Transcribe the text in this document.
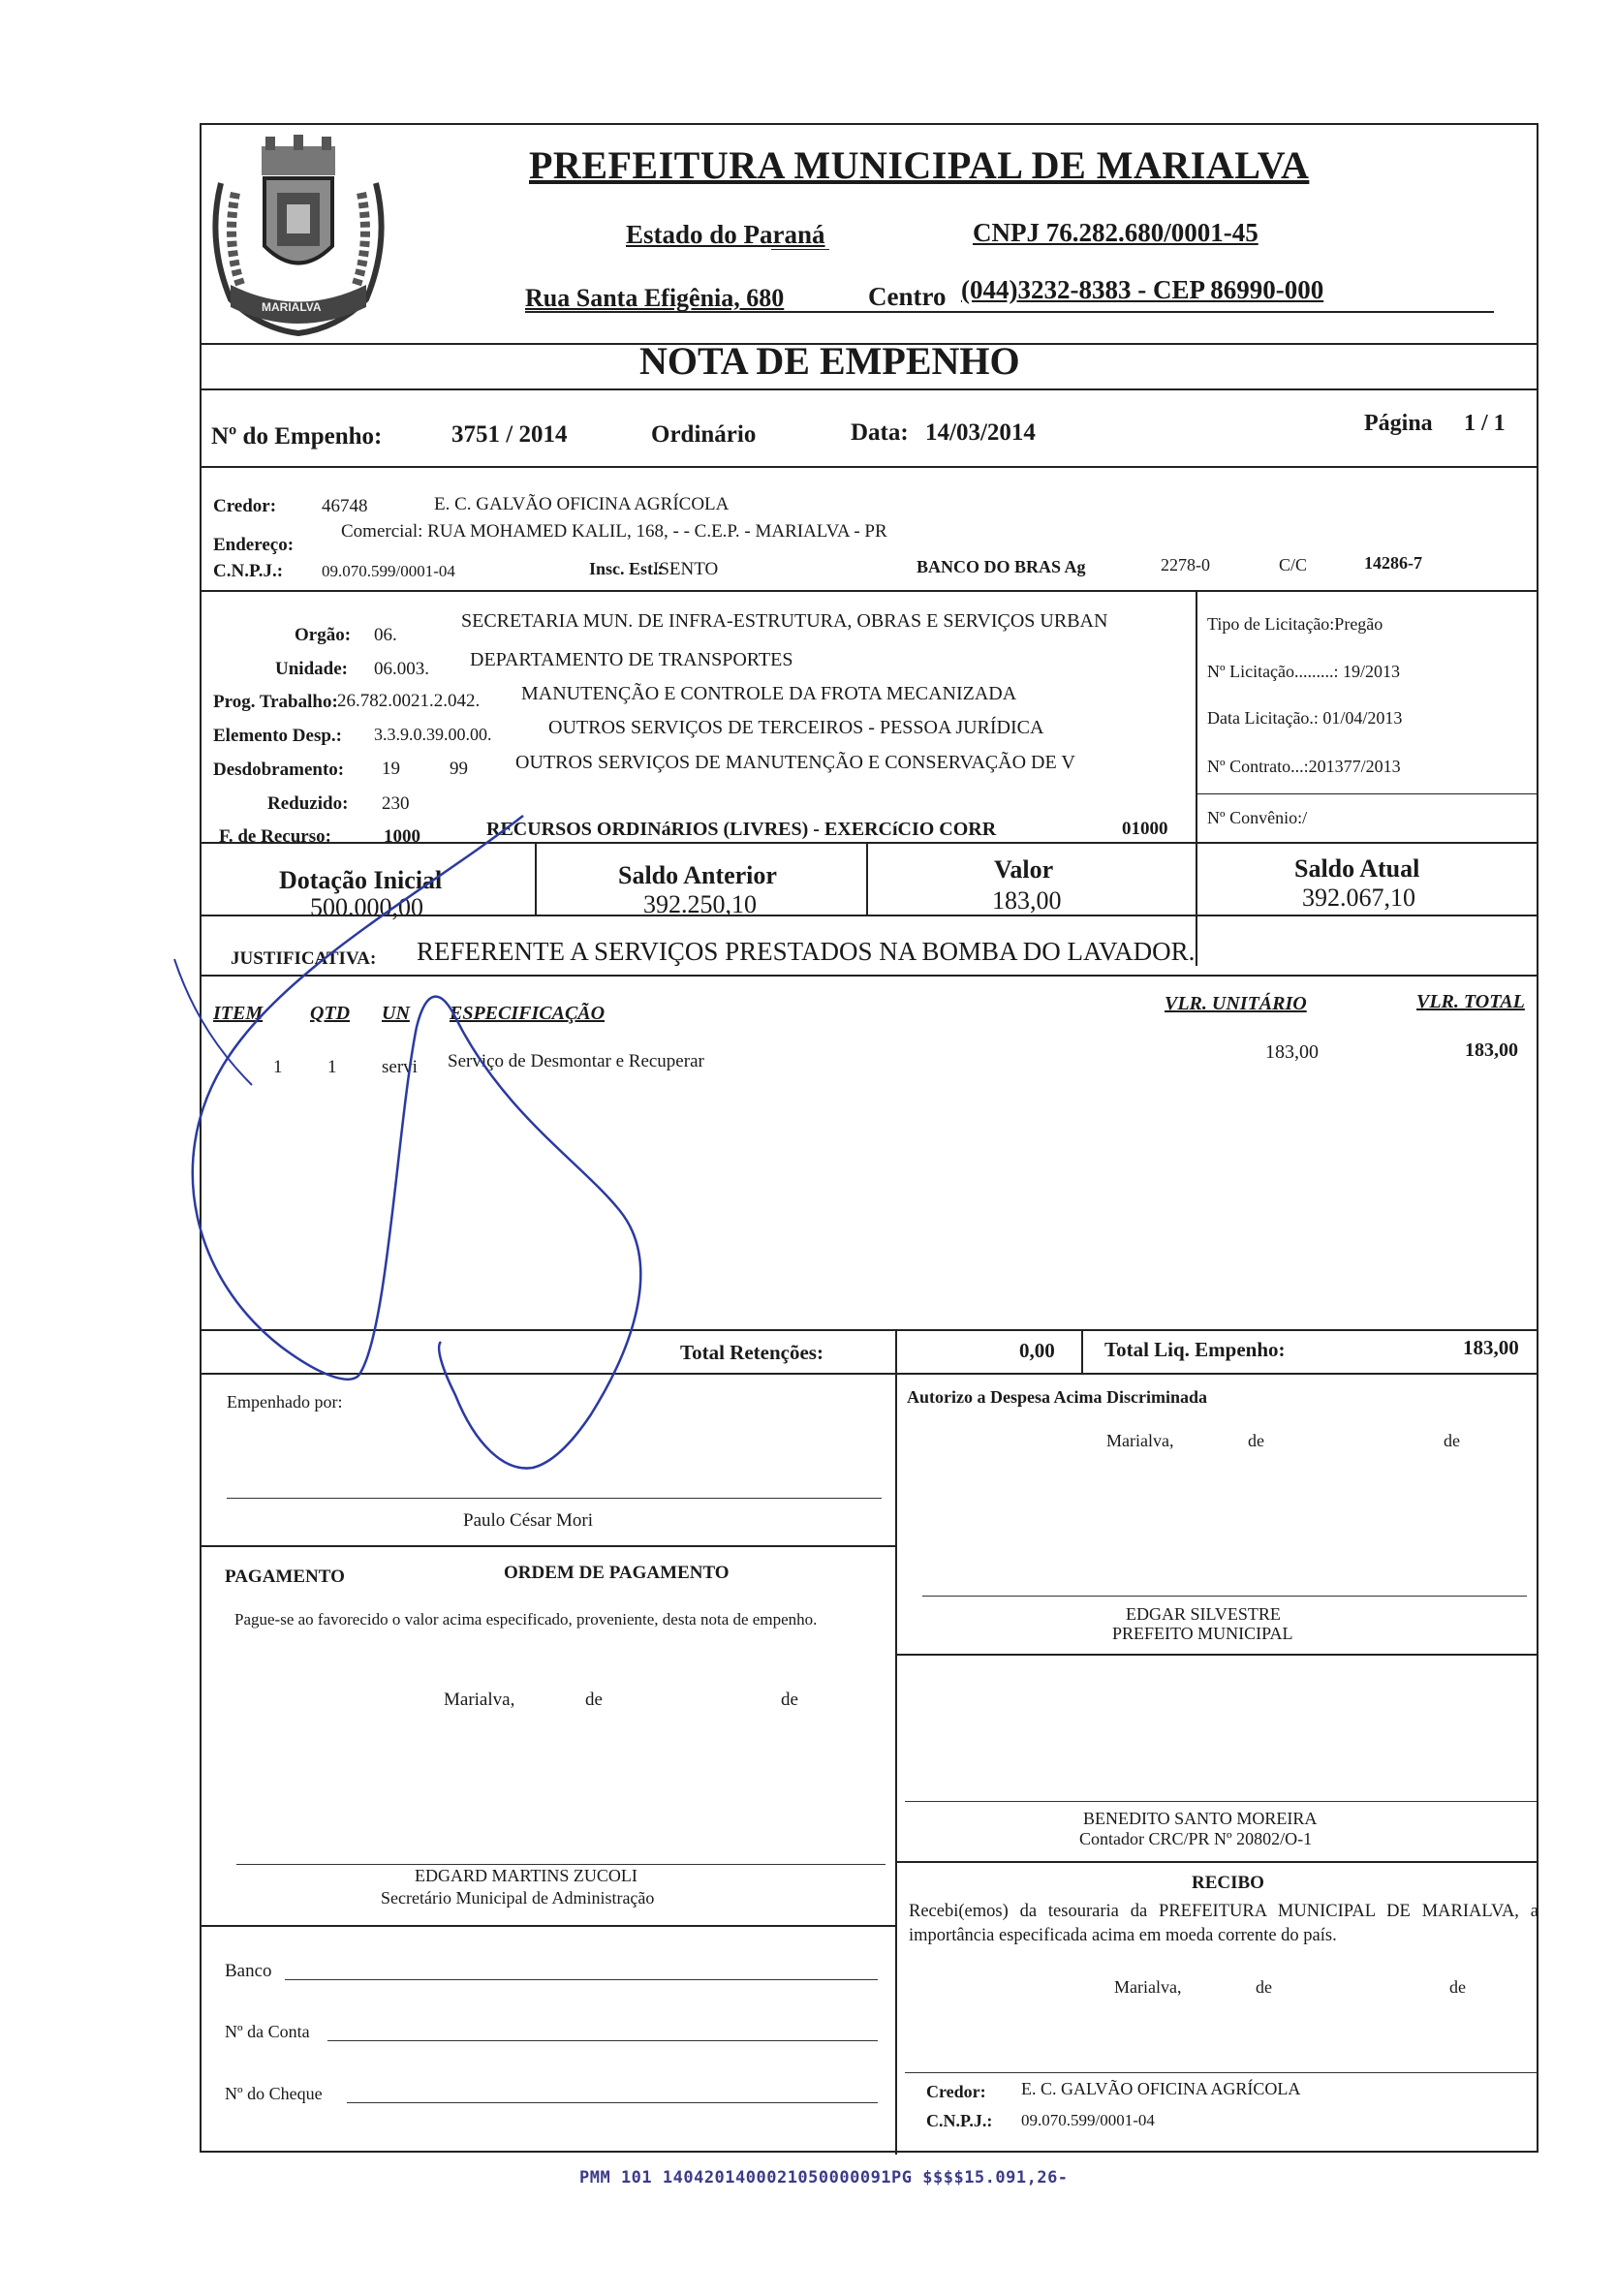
MARIALVA
PREFEITURA MUNICIPAL DE MARIALVA
Estado do Paraná	CNPJ 76.282.680/0001-45
Rua Santa Efigênia, 680	Centro (044)3232-8383 - CEP 86990-000
NOTA DE EMPENHO
Nº do Empenho:	3751 / 2014	Ordinário	Data: 14/03/2014	Página 1 / 1
Credor: 46748	E. C. GALVÃO OFICINA AGRÍCOLA
Endereço:
Comercial: RUA MOHAMED KALIL, 168, - - C.E.P. - MARIALVA - PR
C.N.P.J.: 09.070.599/0001-04	Insc. Est.:
ISENTO	BANCO DO BRAS Ag	2278-0	C/C	14286-7
Orgão: 06.
SECRETARIA MUN. DE INFRA-ESTRUTURA, OBRAS E SERVIÇOS URBAN
Unidade: 06.003. DEPARTAMENTO DE TRANSPORTES
Prog. Trabalho: 26.782.0021.2.042. MANUTENÇÃO E CONTROLE DA FROTA MECANIZADA
Elemento Desp.: 3.3.9.0.39.00.00.	OUTROS SERVIÇOS DE TERCEIROS - PESSOA JURÍDICA
Desdobramento: 19	99 OUTROS SERVIÇOS DE MANUTENÇÃO E CONSERVAÇÃO DE V
Reduzido: 230
F. de Recurso:	1000	RECURSOS ORDINáRIOS (LIVRES) - EXERCíCIO CORR	01000
Tipo de Licitação:Pregão
Nº Licitação.........: 19/2013
Data Licitação.: 01/04/2013
Nº Contrato...:201377/2013
Nº Convênio:/
Dotação Inicial
500.000,00
Saldo Anterior
392.250,10
Valor
183,00
Saldo Atual
392.067,10
JUSTIFICATIVA: REFERENTE A SERVIÇOS PRESTADOS NA BOMBA DO LAVADOR.
ITEM QTD UN ESPECIFICAÇÃO	VLR. UNITÁRIO	VLR. TOTAL
1 1 servi Serviço de Desmontar e Recuperar	183,00	183,00
Total Retenções:	0,00 Total Liq. Empenho:	183,00
Empenhado por:
Paulo César Mori
PAGAMENTO	ORDEM DE PAGAMENTO
Pague-se ao favorecido o valor acima especificado, proveniente, desta nota de empenho.
Marialva,	de	de
EDGARD MARTINS ZUCOLI
Secretário Municipal de Administração
Banco
Nº da Conta
Nº do Cheque
Autorizo a Despesa Acima Discriminada
Marialva,	de	de
EDGAR SILVESTRE
PREFEITO MUNICIPAL
BENEDITO SANTO MOREIRA
Contador CRC/PR Nº 20802/O-1
RECIBO
Recebi(emos) da tesouraria da PREFEITURA MUNICIPAL DE MARIALVA, a importância especificada acima em moeda corrente do país.
Marialva,	de	de
Credor: E. C. GALVÃO OFICINA AGRÍCOLA
C.N.P.J.: 09.070.599/0001-04
PMM 101 1404201400021050000091PG $$$$15.091,26-
